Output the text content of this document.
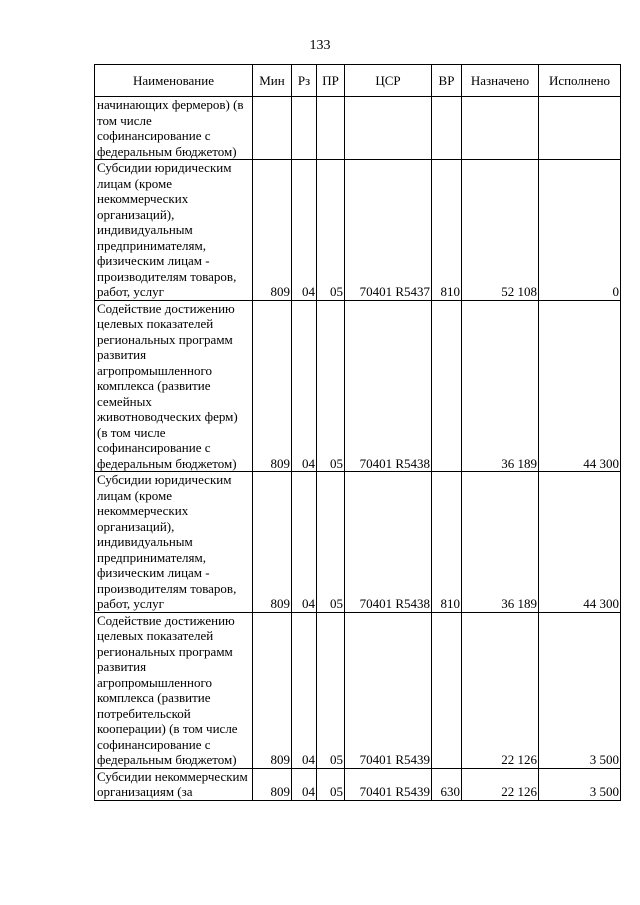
133
Наименование	Мин	Рз	ПР	ЦСР	ВР	Назначено	Исполнено
начинающих фермеров) (в том числе софинансирование с федеральным бюджетом)							
Субсидии юридическим лицам (кроме некоммерческих организаций), индивидуальным предпринимателям, физическим лицам - производителям товаров, работ, услуг	809	04	05	70401 R5437	810	52 108	0
Содействие достижению целевых показателей региональных программ развития агропромышленного комплекса (развитие семейных животноводческих ферм) (в том числе софинансирование с федеральным бюджетом)	809	04	05	70401 R5438		36 189	44 300
Субсидии юридическим лицам (кроме некоммерческих организаций), индивидуальным предпринимателям, физическим лицам - производителям товаров, работ, услуг	809	04	05	70401 R5438	810	36 189	44 300
Содействие достижению целевых показателей региональных программ развития агропромышленного комплекса (развитие потребительской кооперации) (в том числе софинансирование с федеральным бюджетом)	809	04	05	70401 R5439		22 126	3 500
Субсидии некоммерческим организациям (за	809	04	05	70401 R5439	630	22 126	3 500
